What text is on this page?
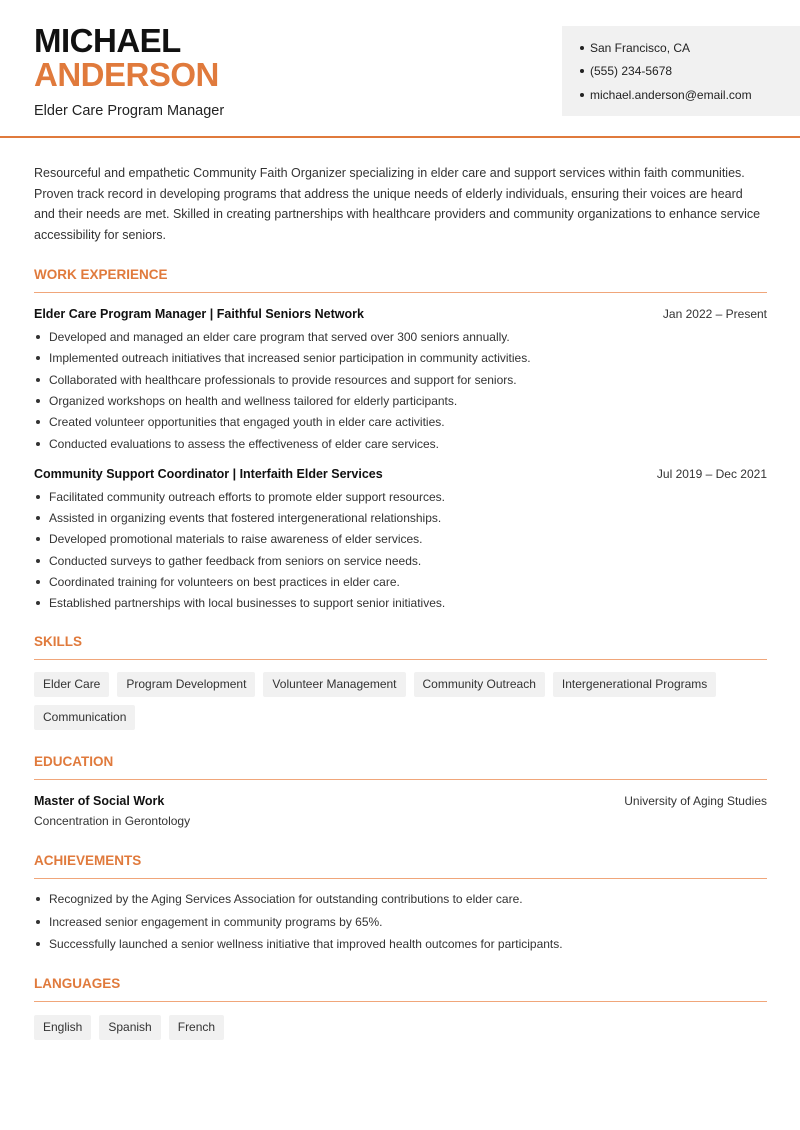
MICHAEL
ANDERSON
Elder Care Program Manager
San Francisco, CA
(555) 234-5678
michael.anderson@email.com

Resourceful and empathetic Community Faith Organizer specializing in elder care and support services within faith communities. Proven track record in developing programs that address the unique needs of elderly individuals, ensuring their voices are heard and their needs are met. Skilled in creating partnerships with healthcare providers and community organizations to enhance service accessibility for seniors.

WORK EXPERIENCE
Elder Care Program Manager | Faithful Seniors Network	Jan 2022 – Present
Developed and managed an elder care program that served over 300 seniors annually.
Implemented outreach initiatives that increased senior participation in community activities.
Collaborated with healthcare professionals to provide resources and support for seniors.
Organized workshops on health and wellness tailored for elderly participants.
Created volunteer opportunities that engaged youth in elder care activities.
Conducted evaluations to assess the effectiveness of elder care services.
Community Support Coordinator | Interfaith Elder Services	Jul 2019 – Dec 2021
Facilitated community outreach efforts to promote elder support resources.
Assisted in organizing events that fostered intergenerational relationships.
Developed promotional materials to raise awareness of elder services.
Conducted surveys to gather feedback from seniors on service needs.
Coordinated training for volunteers on best practices in elder care.
Established partnerships with local businesses to support senior initiatives.
SKILLS
Elder Care	Program Development	Volunteer Management	Community Outreach	Intergenerational Programs
Communication
EDUCATION
Master of Social Work	University of Aging Studies
Concentration in Gerontology
ACHIEVEMENTS
Recognized by the Aging Services Association for outstanding contributions to elder care.
Increased senior engagement in community programs by 65%.
Successfully launched a senior wellness initiative that improved health outcomes for participants.
LANGUAGES
English	Spanish	French
